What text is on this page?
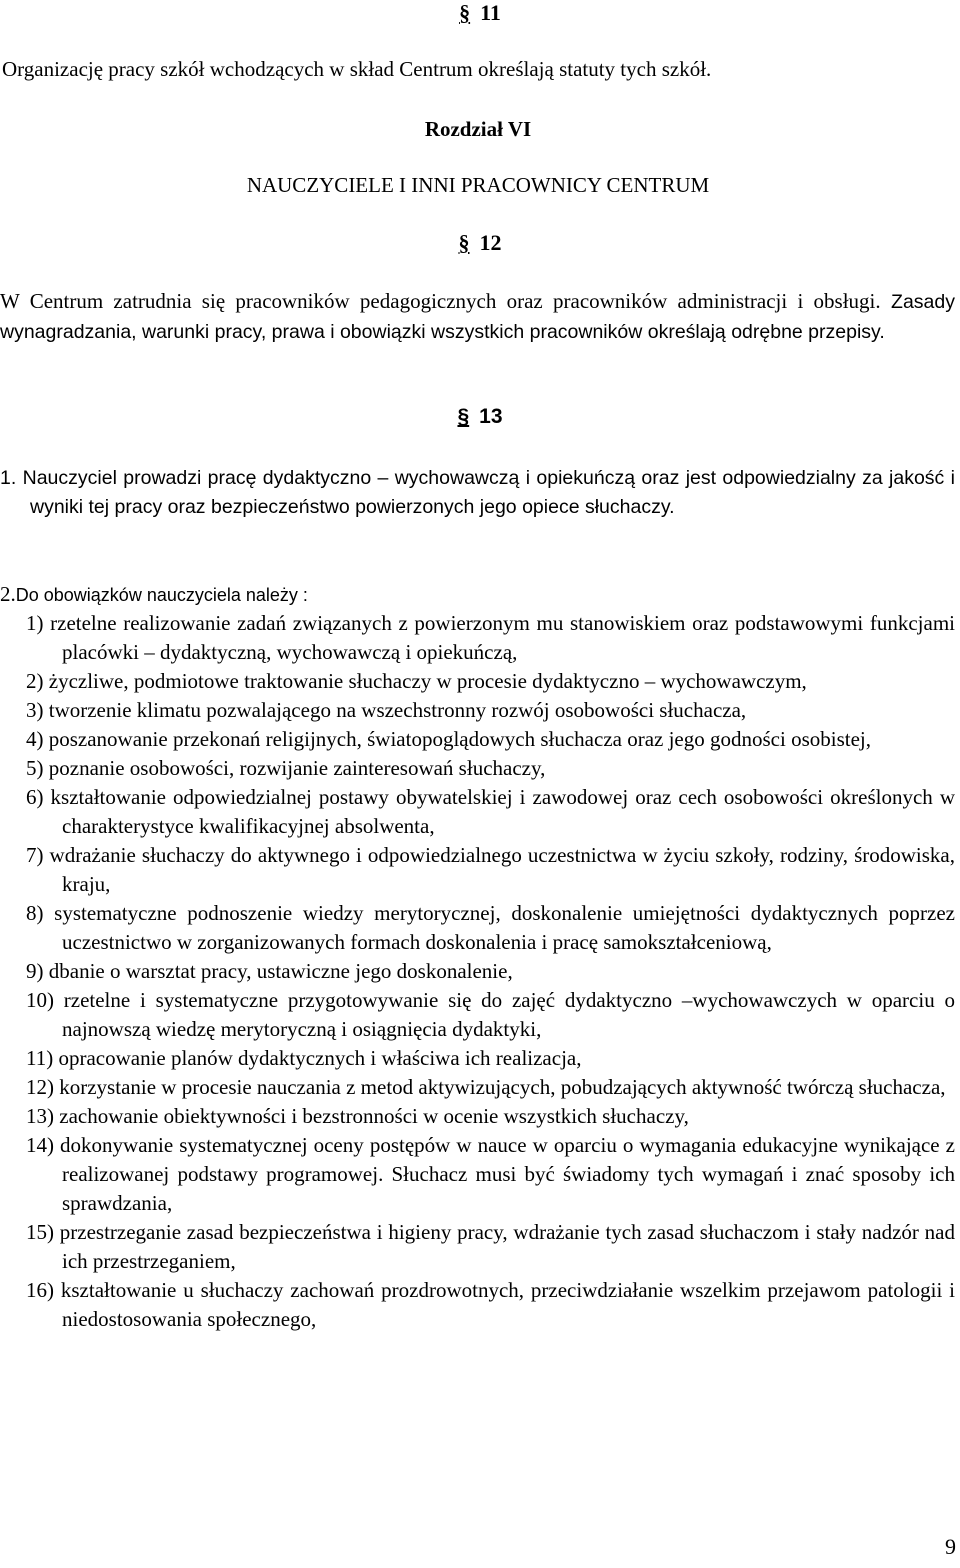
§ 11
Organizację pracy szkół wchodzących w skład Centrum określają statuty tych szkół.
Rozdział VI
NAUCZYCIELE I INNI PRACOWNICY CENTRUM
§ 12
W Centrum zatrudnia się pracowników pedagogicznych oraz pracowników administracji i obsługi. Zasady wynagradzania, warunki pracy, prawa i obowiązki wszystkich pracowników określają odrębne przepisy.
§ 13
1. Nauczyciel prowadzi pracę dydaktyczno – wychowawczą i opiekuńczą oraz jest odpowiedzialny za jakość i wyniki tej pracy oraz bezpieczeństwo powierzonych jego opiece słuchaczy.
2.Do obowiązków nauczyciela należy :
1) rzetelne realizowanie zadań związanych z powierzonym mu stanowiskiem oraz podstawowymi funkcjami placówki – dydaktyczną, wychowawczą i opiekuńczą,
2) życzliwe, podmiotowe traktowanie słuchaczy w procesie dydaktyczno – wychowawczym,
3) tworzenie klimatu pozwalającego na wszechstronny rozwój osobowości słuchacza,
4) poszanowanie przekonań religijnych, światopoglądowych słuchacza oraz jego godności osobistej,
5) poznanie osobowości, rozwijanie zainteresowań słuchaczy,
6) kształtowanie odpowiedzialnej postawy obywatelskiej i zawodowej oraz cech osobowości określonych w charakterystyce kwalifikacyjnej absolwenta,
7) wdrażanie słuchaczy do aktywnego i odpowiedzialnego uczestnictwa w życiu szkoły, rodziny, środowiska, kraju,
8) systematyczne podnoszenie wiedzy merytorycznej, doskonalenie umiejętności dydaktycznych poprzez uczestnictwo w zorganizowanych formach doskonalenia i pracę samokształceniową,
9) dbanie o warsztat pracy, ustawiczne jego doskonalenie,
10) rzetelne i systematyczne przygotowywanie się do zajęć dydaktyczno –wychowawczych w oparciu o najnowszą wiedzę merytoryczną i osiągnięcia dydaktyki,
11) opracowanie planów dydaktycznych i właściwa ich realizacja,
12) korzystanie w procesie nauczania z metod aktywizujących, pobudzających aktywność twórczą słuchacza,
13) zachowanie obiektywności i bezstronności w ocenie wszystkich słuchaczy,
14) dokonywanie systematycznej oceny postępów w nauce w oparciu o wymagania edukacyjne wynikające z realizowanej podstawy programowej. Słuchacz musi być świadomy tych wymagań i znać sposoby ich sprawdzania,
15) przestrzeganie zasad bezpieczeństwa i higieny pracy, wdrażanie tych zasad słuchaczom i stały nadzór nad ich przestrzeganiem,
16) kształtowanie u słuchaczy zachowań prozdrowotnych, przeciwdziałanie wszelkim przejawom patologii i niedostosowania społecznego,
9
